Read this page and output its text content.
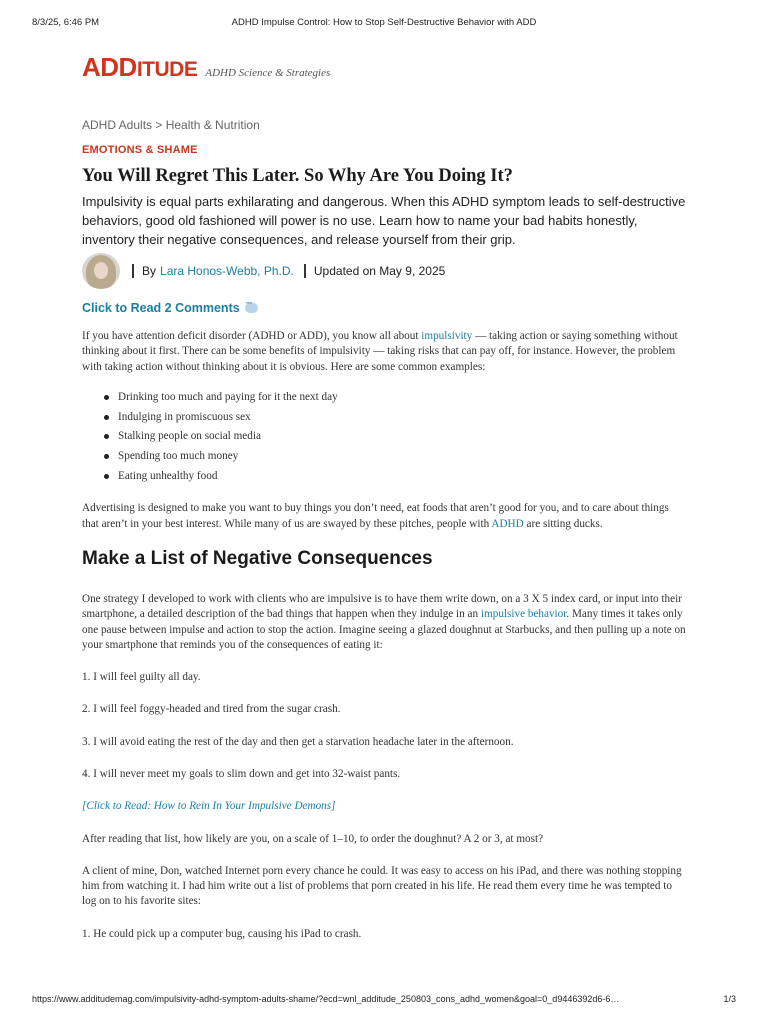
8/3/25, 6:46 PM	ADHD Impulse Control: How to Stop Self-Destructive Behavior with ADD
ADDITUDE ADHD Science & Strategies
ADHD Adults > Health & Nutrition
EMOTIONS & SHAME
You Will Regret This Later. So Why Are You Doing It?

Impulsivity is equal parts exhilarating and dangerous. When this ADHD symptom leads to self-destructive behaviors, good old fashioned will power is no use. Learn how to name your bad habits honestly, inventory their negative consequences, and release yourself from their grip.

By Lara Honos-Webb, Ph.D. Updated on May 9, 2025
Click to Read 2 Comments
···

If you have attention deficit disorder (ADHD or ADD), you know all about impulsivity — taking action or saying something without thinking about it first. There can be some benefits of impulsivity — taking risks that can pay off, for instance. However, the problem with taking action without thinking about it is obvious. Here are some common examples:

Drinking too much and paying for it the next day
Indulging in promiscuous sex
Stalking people on social media
Spending too much money
Eating unhealthy food

Advertising is designed to make you want to buy things you don’t need, eat foods that aren’t good for you, and to care about things that aren’t in your best interest. While many of us are swayed by these pitches, people with ADHD are sitting ducks.

Make a List of Negative Consequences

One strategy I developed to work with clients who are impulsive is to have them write down, on a 3 X 5 index card, or input into their smartphone, a detailed description of the bad things that happen when they indulge in an impulsive behavior. Many times it takes only one pause between impulse and action to stop the action. Imagine seeing a glazed doughnut at Starbucks, and then pulling up a note on your smartphone that reminds you of the consequences of eating it:

1. I will feel guilty all day.

2. I will feel foggy-headed and tired from the sugar crash.

3. I will avoid eating the rest of the day and then get a starvation headache later in the afternoon.

4. I will never meet my goals to slim down and get into 32-waist pants.

[Click to Read: How to Rein In Your Impulsive Demons]

After reading that list, how likely are you, on a scale of 1–10, to order the doughnut? A 2 or 3, at most?

A client of mine, Don, watched Internet porn every chance he could. It was easy to access on his iPad, and there was nothing stopping him from watching it. I had him write out a list of problems that porn created in his life. He read them every time he was tempted to log on to his favorite sites:

1. He could pick up a computer bug, causing his iPad to crash.

https://www.additudemag.com/impulsivity-adhd-symptom-adults-shame/?ecd=wnl_additude_250803_cons_adhd_women&goal=0_d9446392d6-6…	1/3
